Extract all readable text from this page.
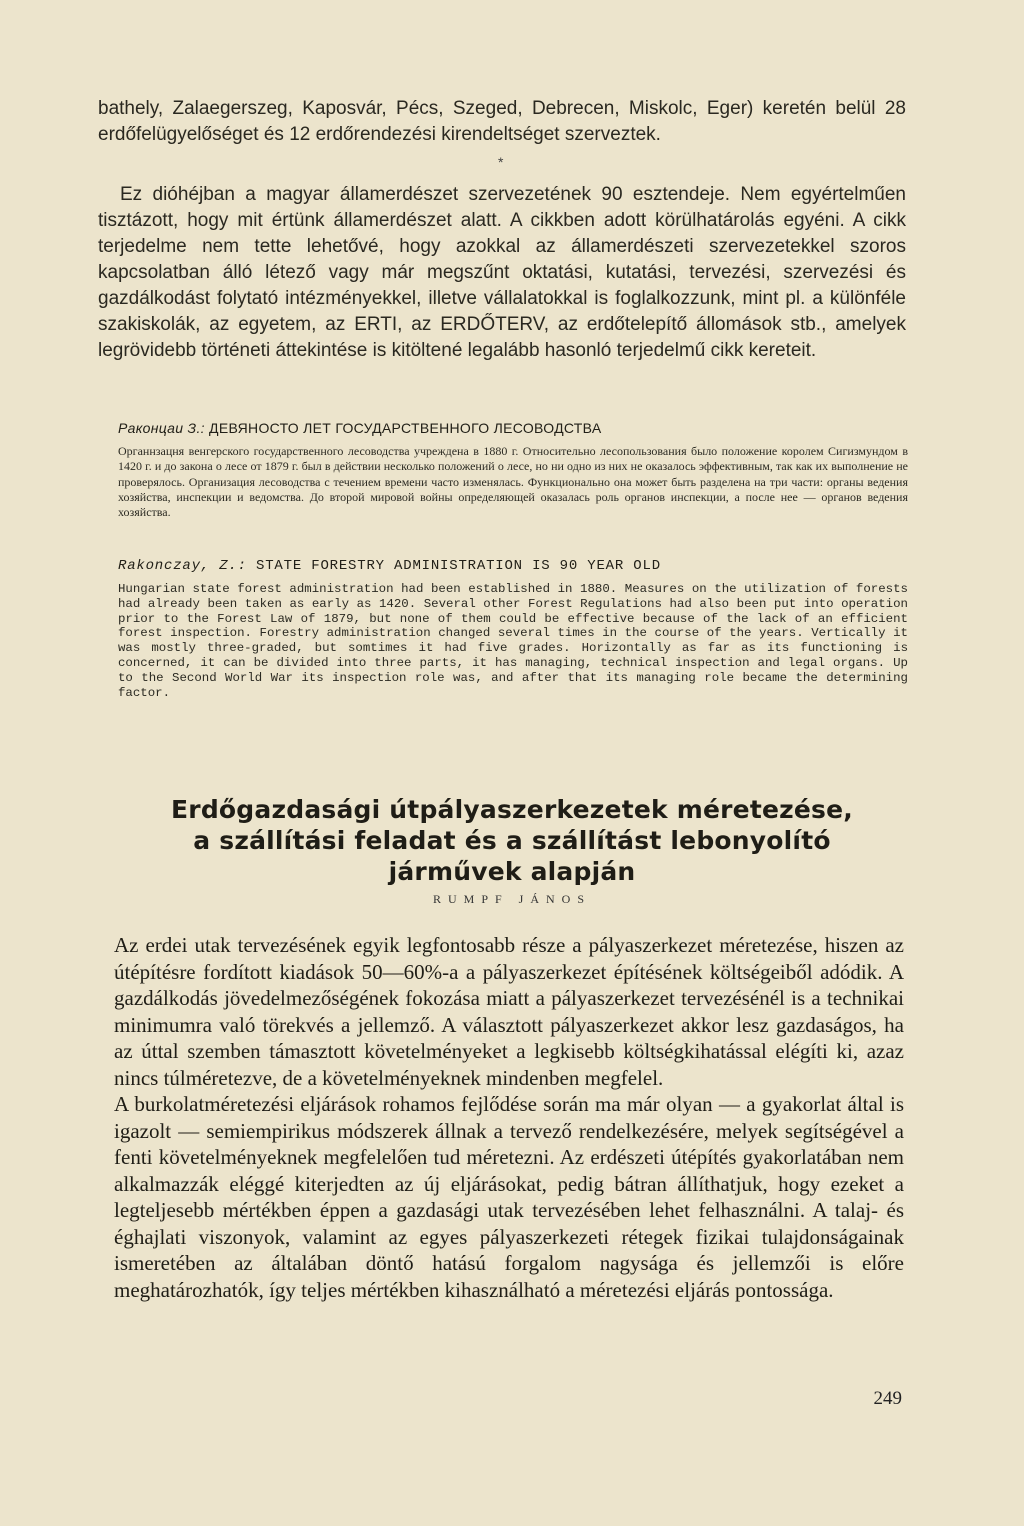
bathely, Zalaegerszeg, Kaposvár, Pécs, Szeged, Debrecen, Miskolc, Eger) keretén belül 28 erdőfelügyelőséget és 12 erdőrendezési kirendeltséget szerveztek.

*

Ez dióhéjban a magyar államerdészet szervezetének 90 esztendeje. Nem egyértelműen tisztázott, hogy mit értünk államerdészet alatt. A cikkben adott körülhatárolás egyéni. A cikk terjedelme nem tette lehetővé, hogy azokkal az államerdészeti szervezetekkel szoros kapcsolatban álló létező vagy már megszűnt oktatási, kutatási, tervezési, szervezési és gazdálkodást folytató intézményekkel, illetve vállalatokkal is foglalkozzunk, mint pl. a különféle szakiskolák, az egyetem, az ERTI, az ERDŐTERV, az erdőtelepítő állomások stb., amelyek legrövidebb történeti áttekintése is kitöltené legalább hasonló terjedelmű cikk kereteit.

Раконцаи З.: ДЕВЯНОСТО ЛЕТ ГОСУДАРСТВЕННОГО ЛЕСОВОДСТВА

Органнзацня венгерского государственного лесоводства учреждена в 1880 г. Относительно лесопользования было положение королем Сигизмундом в 1420 г. и до закона о лесе от 1879 г. был в действии несколько положений о лесе, но ни одно из них не оказалось эффективным, так как их выполнение не проверялось. Организация лесоводства с течением времени часто изменялась. Функционально она может быть разделена на три части: органы ведения хозяйства, инспекции и ведомства. До второй мировой войны определяющей оказалась роль органов инспекции, а после нее — органов ведения хозяйства.

Rakonczay, Z.: STATE FORESTRY ADMINISTRATION IS 90 YEAR OLD

Hungarian state forest administration had been established in 1880. Measures on the utilization of forests had already been taken as early as 1420. Several other Forest Regulations had also been put into operation prior to the Forest Law of 1879, but none of them could be effective because of the lack of an efficient forest inspection. Forestry administration changed several times in the course of the years. Vertically it was mostly three-graded, but somtimes it had five grades. Horizontally as far as its functioning is concerned, it can be divided into three parts, it has managing, technical inspection and legal organs. Up to the Second World War its inspection role was, and after that its managing role became the determining factor.

Erdőgazdasági útpályaszerkezetek méretezése,
a szállítási feladat és a szállítást lebonyolító
járművek alapján
RUMPF JÁNOS

Az erdei utak tervezésének egyik legfontosabb része a pályaszerkezet méretezése, hiszen az útépítésre fordított kiadások 50—60%-a a pályaszerkezet építésének költségeiből adódik. A gazdálkodás jövedelmezőségének fokozása miatt a pályaszerkezet tervezésénél is a technikai minimumra való törekvés a jellemző. A választott pályaszerkezet akkor lesz gazdaságos, ha az úttal szemben támasztott követelményeket a legkisebb költségkihatással elégíti ki, azaz nincs túlméretezve, de a követelményeknek mindenben megfelel.

A burkolatméretezési eljárások rohamos fejlődése során ma már olyan — a gyakorlat által is igazolt — semiempirikus módszerek állnak a tervező rendelkezésére, melyek segítségével a fenti követelményeknek megfelelően tud méretezni. Az erdészeti útépítés gyakorlatában nem alkalmazzák eléggé kiterjedten az új eljárásokat, pedig bátran állíthatjuk, hogy ezeket a legteljesebb mértékben éppen a gazdasági utak tervezésében lehet felhasználni. A talaj- és éghajlati viszonyok, valamint az egyes pályaszerkezeti rétegek fizikai tulajdonságainak ismeretében az általában döntő hatású forgalom nagysága és jellemzői is előre meghatározhatók, így teljes mértékben kihasználható a méretezési eljárás pontossága.

249
